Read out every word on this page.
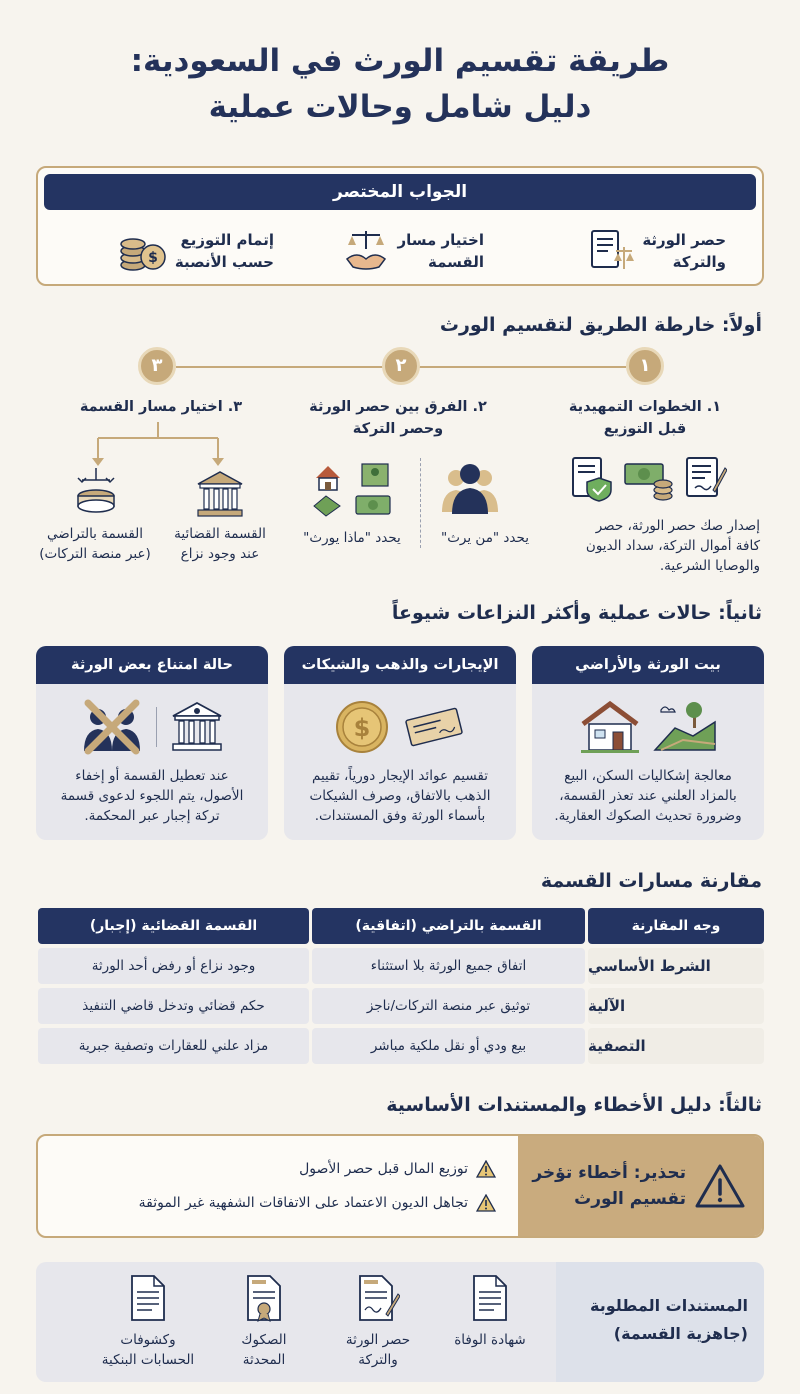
طريقة تقسيم الورث في السعودية:
دليل شامل وحالات عملية
الجواب المختصر
حصر الورثة
والتركة
اختيار مسار
القسمة
إتمام التوزيع
حسب الأنصبة
$
أولاً: خارطة الطريق لتقسيم الورث
١
٢
٣
١. الخطوات التمهيدية
قبل التوزيع
إصدار صك حصر الورثة، حصر
كافة أموال التركة، سداد الديون
والوصايا الشرعية.
٢. الفرق بين حصر الورثة
وحصر التركة
يحدد "من يرث"
يحدد "ماذا يورث"
٣. اختيار مسار القسمة
القسمة القضائية
عند وجود نزاع
القسمة بالتراضي
(عبر منصة التركات)
ثانياً: حالات عملية وأكثر النزاعات شيوعاً
بيت الورثة والأراضي
معالجة إشكاليات السكن، البيع
بالمزاد العلني عند تعذر القسمة،
وضرورة تحديث الصكوك العقارية.
الإيجارات والذهب والشيكات
$
تقسيم عوائد الإيجار دورياً، تقييم
الذهب بالاتفاق، وصرف الشيكات
بأسماء الورثة وفق المستندات.
حالة امتناع بعض الورثة
عند تعطيل القسمة أو إخفاء
الأصول، يتم اللجوء لدعوى قسمة
تركة إجبار عبر المحكمة.
مقارنة مسارات القسمة
وجه المقارنة
القسمة بالتراضي (اتفاقية)
القسمة القضائية (إجبار)
الشرط الأساسي
اتفاق جميع الورثة بلا استثناء
وجود نزاع أو رفض أحد الورثة
الآلية
توثيق عبر منصة التركات/ناجز
حكم قضائي وتدخل قاضي التنفيذ
التصفية
بيع ودي أو نقل ملكية مباشر
مزاد علني للعقارات وتصفية جبرية
ثالثاً: دليل الأخطاء والمستندات الأساسية
تحذير: أخطاء تؤخر
تقسيم الورث
توزيع المال قبل حصر الأصول
تجاهل الديون الاعتماد على الاتفاقات الشفهية غير الموثقة
المستندات المطلوبة
(جاهزية القسمة)
شهادة الوفاة
حصر الورثة
والتركة
الصكوك
المحدثة
وكشوفات
الحسابات البنكية
